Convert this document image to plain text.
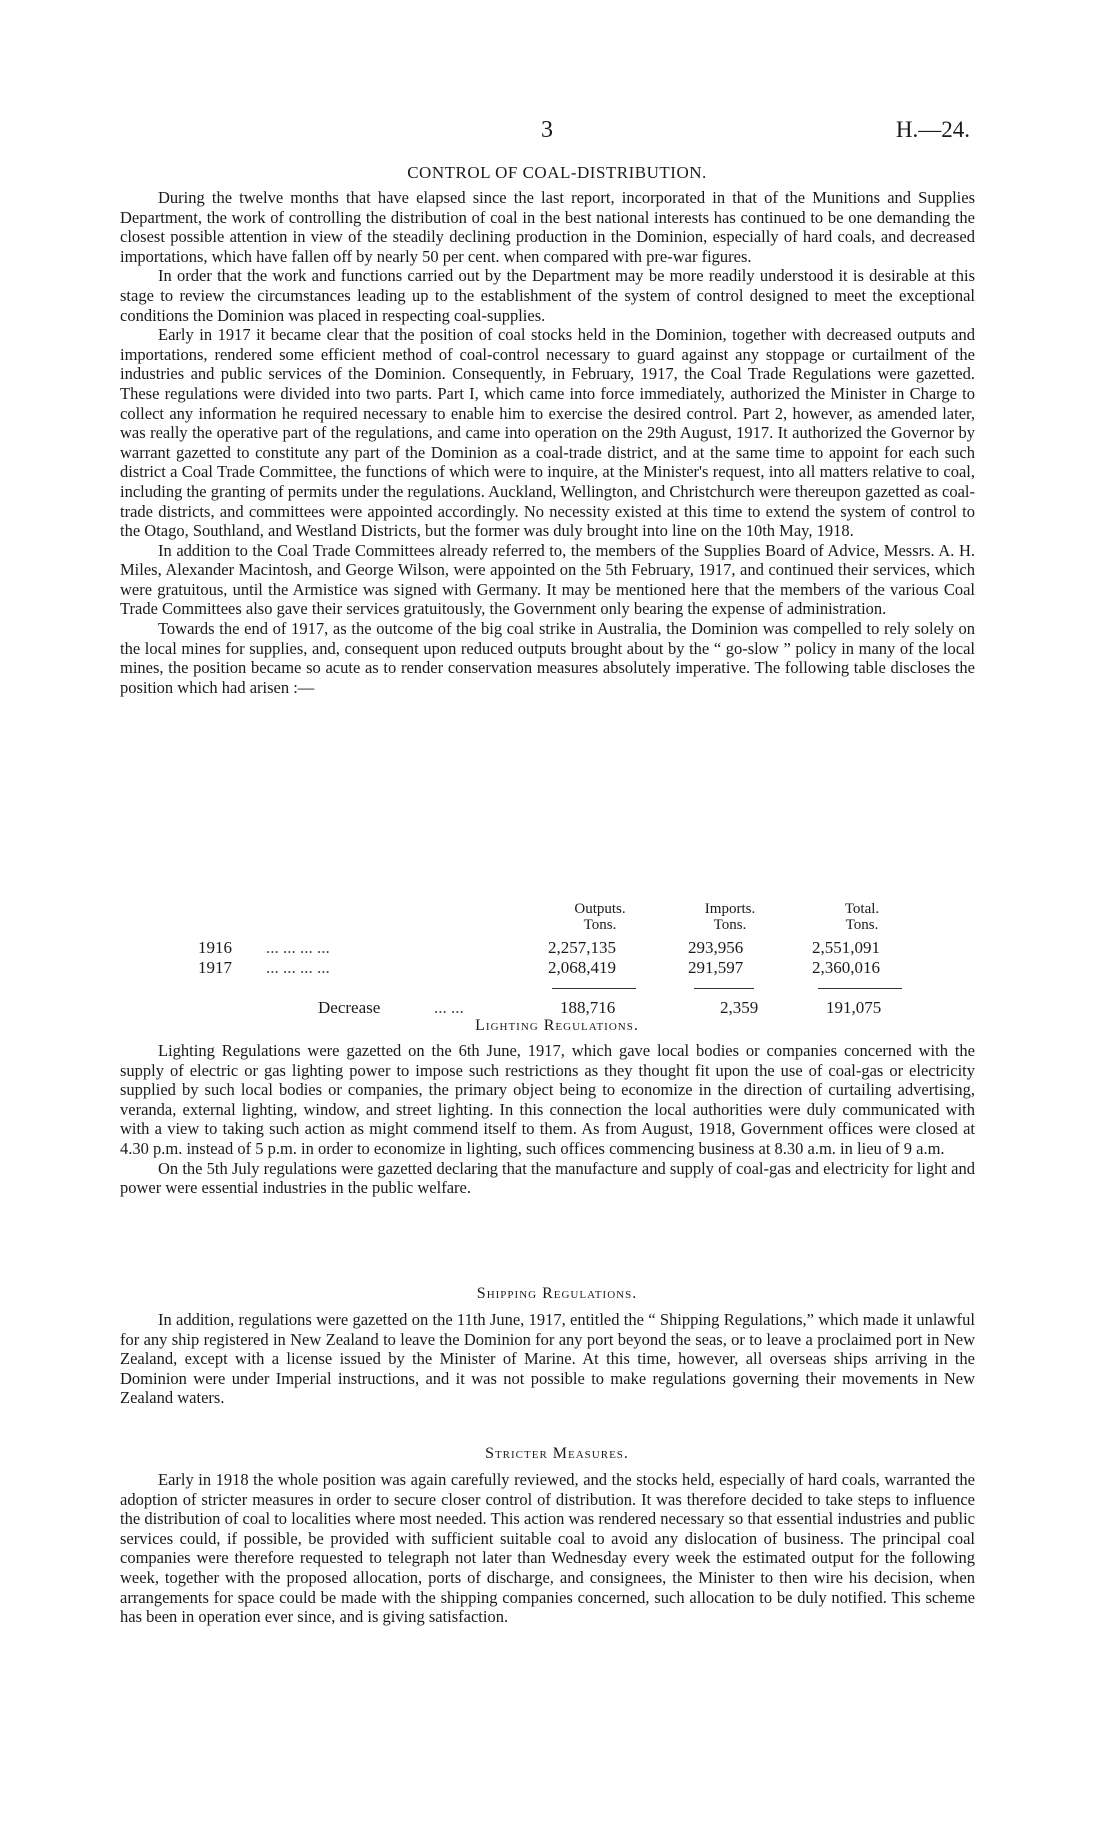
3	H.—24.
CONTROL OF COAL-DISTRIBUTION.

During the twelve months that have elapsed since the last report, incorporated in that of the Munitions and Supplies Department, the work of controlling the distribution of coal in the best national interests has continued to be one demanding the closest possible attention in view of the steadily declining production in the Dominion, especially of hard coals, and decreased importations, which have fallen off by nearly 50 per cent. when compared with pre-war figures.

In order that the work and functions carried out by the Department may be more readily understood it is desirable at this stage to review the circumstances leading up to the establishment of the system of control designed to meet the exceptional conditions the Dominion was placed in respecting coal-supplies.

Early in 1917 it became clear that the position of coal stocks held in the Dominion, together with decreased outputs and importations, rendered some efficient method of coal-control necessary to guard against any stoppage or curtailment of the industries and public services of the Dominion. Consequently, in February, 1917, the Coal Trade Regulations were gazetted. These regulations were divided into two parts. Part I, which came into force immediately, authorized the Minister in Charge to collect any information he required necessary to enable him to exercise the desired control. Part 2, however, as amended later, was really the operative part of the regulations, and came into operation on the 29th August, 1917. It authorized the Governor by warrant gazetted to constitute any part of the Dominion as a coal-trade district, and at the same time to appoint for each such district a Coal Trade Committee, the functions of which were to inquire, at the Minister's request, into all matters relative to coal, including the granting of permits under the regulations. Auckland, Wellington, and Christchurch were thereupon gazetted as coal-trade districts, and committees were appointed accordingly. No necessity existed at this time to extend the system of control to the Otago, Southland, and Westland Districts, but the former was duly brought into line on the 10th May, 1918.

In addition to the Coal Trade Committees already referred to, the members of the Supplies Board of Advice, Messrs. A. H. Miles, Alexander Macintosh, and George Wilson, were appointed on the 5th February, 1917, and continued their services, which were gratuitous, until the Armistice was signed with Germany. It may be mentioned here that the members of the various Coal Trade Committees also gave their services gratuitously, the Government only bearing the expense of administration.

Towards the end of 1917, as the outcome of the big coal strike in Australia, the Dominion was compelled to rely solely on the local mines for supplies, and, consequent upon reduced outputs brought about by the “ go-slow ” policy in many of the local mines, the position became so acute as to render conservation measures absolutely imperative. The following table discloses the position which had arisen :—

Outputs.
Tons.
Imports.
Tons.
Total.
Tons.
1916 ... ... ... ...	2,257,135	293,956	2,551,091
1917 ... ... ... ...	2,068,419	291,597	2,360,016
Decrease	... ...	188,716	2,359	191,075
Lighting Regulations.

Lighting Regulations were gazetted on the 6th June, 1917, which gave local bodies or companies concerned with the supply of electric or gas lighting power to impose such restrictions as they thought fit upon the use of coal-gas or electricity supplied by such local bodies or companies, the primary object being to economize in the direction of curtailing advertising, veranda, external lighting, window, and street lighting. In this connection the local authorities were duly communicated with with a view to taking such action as might commend itself to them. As from August, 1918, Government offices were closed at 4.30 p.m. instead of 5 p.m. in order to economize in lighting, such offices commencing business at 8.30 a.m. in lieu of 9 a.m.

On the 5th July regulations were gazetted declaring that the manufacture and supply of coal-gas and electricity for light and power were essential industries in the public welfare.

Shipping Regulations.

In addition, regulations were gazetted on the 11th June, 1917, entitled the “ Shipping Regulations,” which made it unlawful for any ship registered in New Zealand to leave the Dominion for any port beyond the seas, or to leave a proclaimed port in New Zealand, except with a license issued by the Minister of Marine. At this time, however, all overseas ships arriving in the Dominion were under Imperial instructions, and it was not possible to make regulations governing their movements in New Zealand waters.

Stricter Measures.

Early in 1918 the whole position was again carefully reviewed, and the stocks held, especially of hard coals, warranted the adoption of stricter measures in order to secure closer control of distribution. It was therefore decided to take steps to influence the distribution of coal to localities where most needed. This action was rendered necessary so that essential industries and public services could, if possible, be provided with sufficient suitable coal to avoid any dislocation of business. The principal coal companies were therefore requested to telegraph not later than Wednesday every week the estimated output for the following week, together with the proposed allocation, ports of discharge, and consignees, the Minister to then wire his decision, when arrangements for space could be made with the shipping companies concerned, such allocation to be duly notified. This scheme has been in operation ever since, and is giving satisfaction.
